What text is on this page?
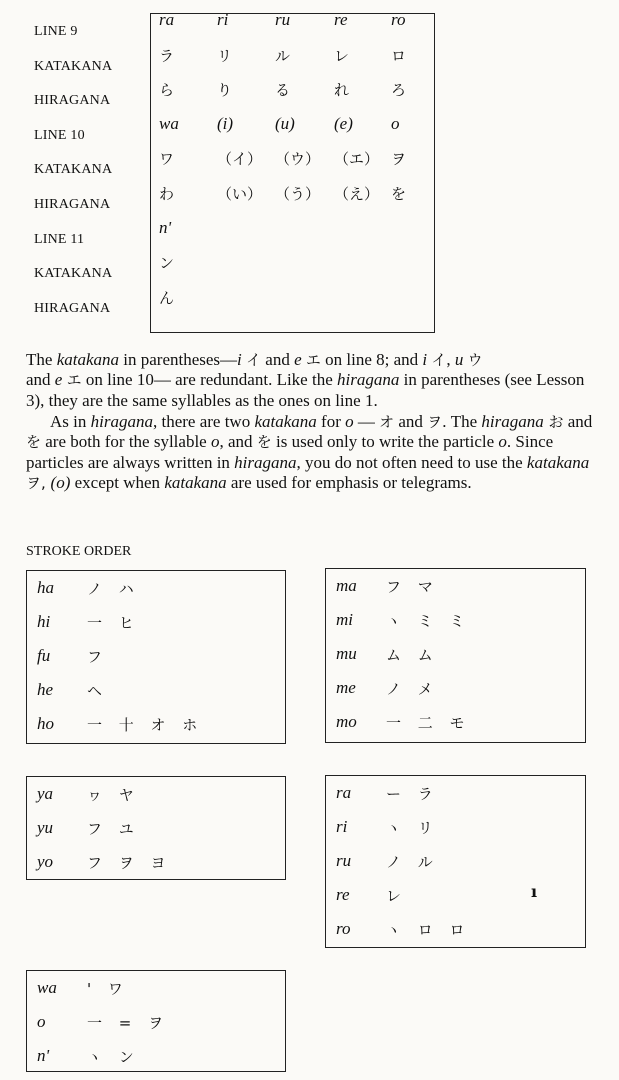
LINE 9
KATAKANA
HIRAGANA
LINE 10
KATAKANA
HIRAGANA
LINE 11
KATAKANA
HIRAGANA
ra	ri	ru	re	ro
ラ	リ	ル	レ	ロ
ら	り	る	れ	ろ
wa	(i)	(u)	(e)	o
ワ	（イ） （ウ） （エ） ヲ
わ	（い） （う） （え） を
n'
ン
ん
The katakana in parentheses—i イ and e エ on line 8; and i イ, u ウ
and e エ on line 10— are redundant. Like the hiragana in parentheses (see Lesson 3), they are the same syllables as the ones on line 1.
As in hiragana, there are two katakana for o — オ and ヲ. The hiragana お and を are both for the syllable o, and を is used only to write the particle o. Since particles are always written in hiragana, you do not often need to use the katakana ヲ, (o) except when katakana are used for emphasis or telegrams.
STROKE ORDER
ha ノ ハ
hi 一 ヒ
fu フ
he ヘ
ho 一 十 オ ホ
ma フ マ
mi ヽ ミ ミ
mu ム ム
me ノ メ
mo 一 二 モ
ya ヮ ヤ
yu フ ユ
yo フ ヲ ヨ
ra ー ラ
ri	ヽ リ
ru ノ ル
re レ
ro ヽ ロ ロ
wa ' ワ
o	一 = ヲ
n'	ヽ ン
ı
